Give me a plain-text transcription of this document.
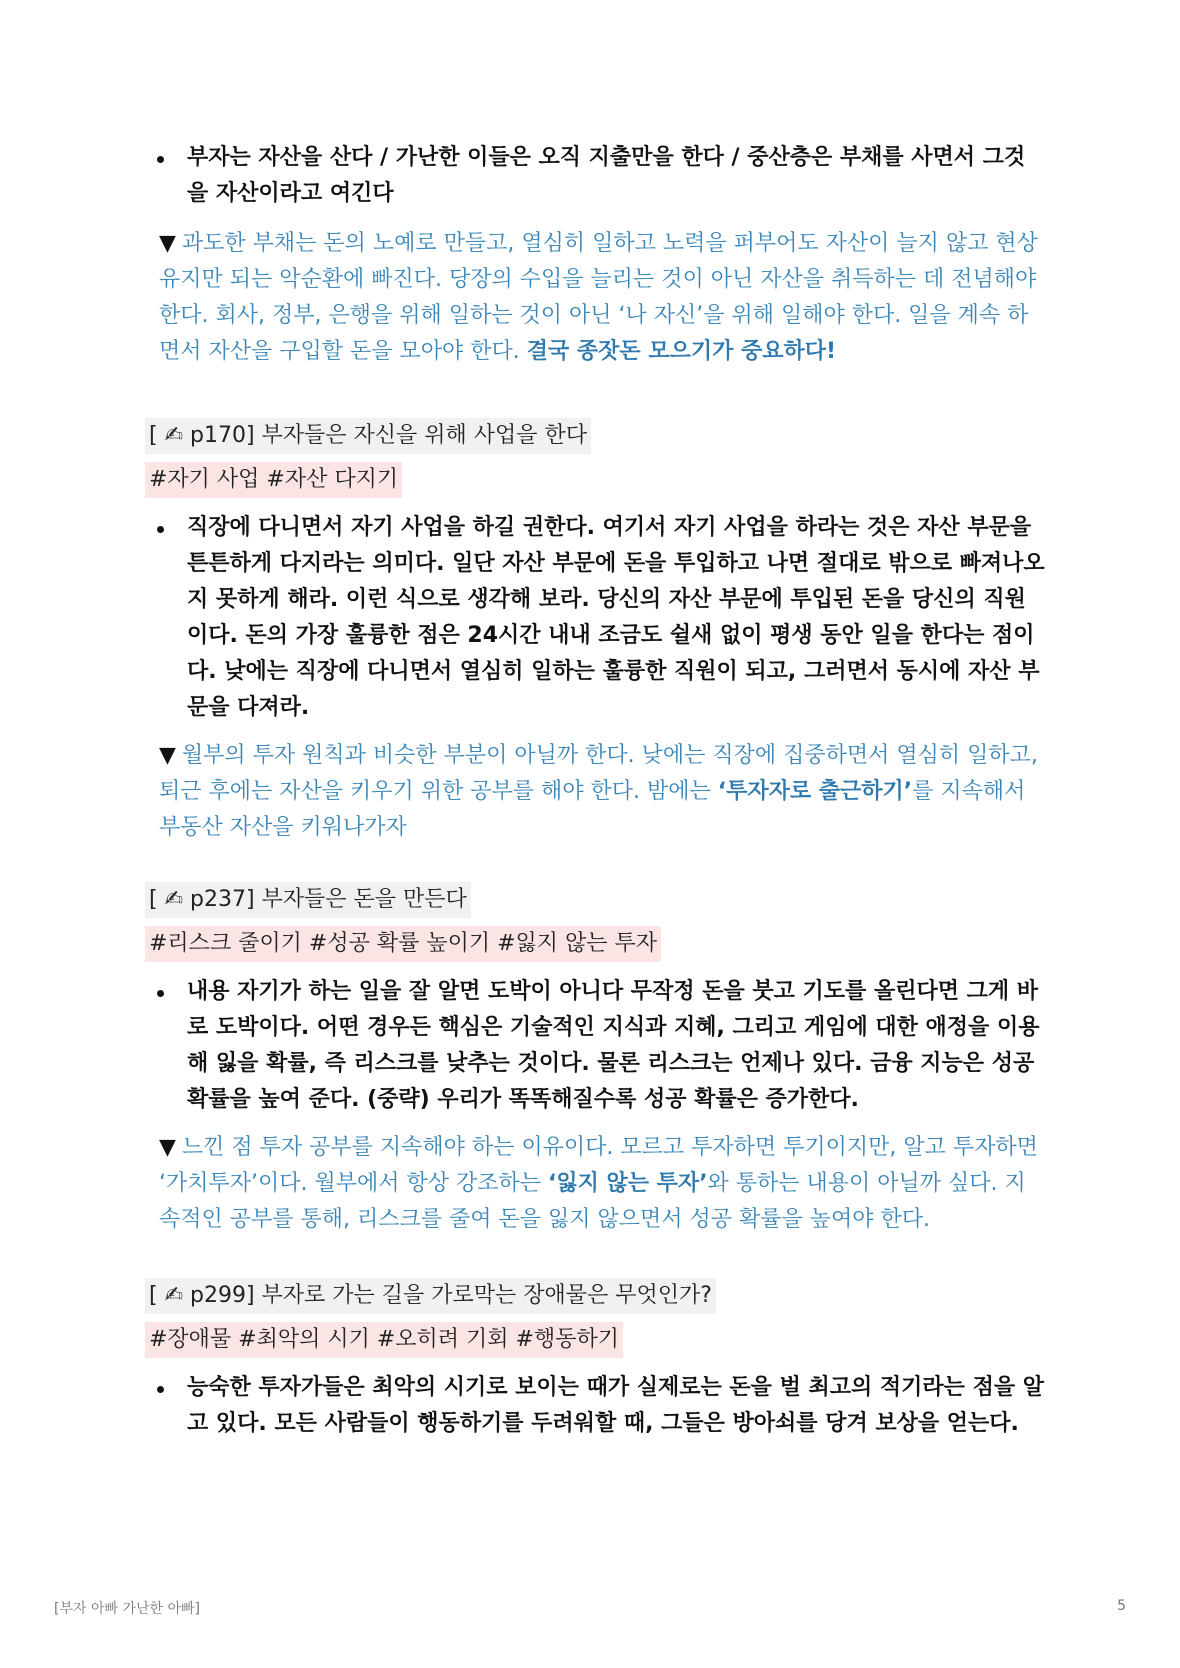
부자는 자산을 산다 / 가난한 이들은 오직 지출만을 한다 / 중산층은 부채를 사면서 그것을 자산이라고 여긴다

▼ 과도한 부채는 돈의 노예로 만들고, 열심히 일하고 노력을 퍼부어도 자산이 늘지 않고 현상 유지만 되는 악순환에 빠진다. 당장의 수입을 늘리는 것이 아닌 자산을 취득하는 데 전념해야 한다. 회사, 정부, 은행을 위해 일하는 것이 아닌 ‘나 자신’을 위해 일해야 한다. 일을 계속 하면서 자산을 구입할 돈을 모아야 한다. 결국 종잣돈 모으기가 중요하다!

[ ✍ p170] 부자들은 자신을 위해 사업을 한다

#자기 사업 #자산 다지기

직장에 다니면서 자기 사업을 하길 권한다. 여기서 자기 사업을 하라는 것은 자산 부문을 튼튼하게 다지라는 의미다. 일단 자산 부문에 돈을 투입하고 나면 절대로 밖으로 빠져나오지 못하게 해라. 이런 식으로 생각해 보라. 당신의 자산 부문에 투입된 돈을 당신의 직원이다. 돈의 가장 훌륭한 점은 24시간 내내 조금도 쉴새 없이 평생 동안 일을 한다는 점이다. 낮에는 직장에 다니면서 열심히 일하는 훌륭한 직원이 되고, 그러면서 동시에 자산 부문을 다져라.

▼ 월부의 투자 원칙과 비슷한 부분이 아닐까 한다. 낮에는 직장에 집중하면서 열심히 일하고, 퇴근 후에는 자산을 키우기 위한 공부를 해야 한다. 밤에는 ‘투자자로 출근하기’를 지속해서 부동산 자산을 키워나가자

[ ✍ p237] 부자들은 돈을 만든다

#리스크 줄이기 #성공 확률 높이기 #잃지 않는 투자

내용 자기가 하는 일을 잘 알면 도박이 아니다 무작정 돈을 붓고 기도를 올린다면 그게 바로 도박이다. 어떤 경우든 핵심은 기술적인 지식과 지혜, 그리고 게임에 대한 애정을 이용해 잃을 확률, 즉 리스크를 낮추는 것이다. 물론 리스크는 언제나 있다. 금융 지능은 성공 확률을 높여 준다. (중략) 우리가 똑똑해질수록 성공 확률은 증가한다.

▼ 느낀 점 투자 공부를 지속해야 하는 이유이다. 모르고 투자하면 투기이지만, 알고 투자하면 ‘가치투자’이다. 월부에서 항상 강조하는 ‘잃지 않는 투자’와 통하는 내용이 아닐까 싶다. 지속적인 공부를 통해, 리스크를 줄여 돈을 잃지 않으면서 성공 확률을 높여야 한다.

[ ✍ p299] 부자로 가는 길을 가로막는 장애물은 무엇인가?

#장애물 #최악의 시기 #오히려 기회 #행동하기

능숙한 투자가들은 최악의 시기로 보이는 때가 실제로는 돈을 벌 최고의 적기라는 점을 알고 있다. 모든 사람들이 행동하기를 두려워할 때, 그들은 방아쇠를 당겨 보상을 얻는다.

[부자 아빠 가난한 아빠]	5
